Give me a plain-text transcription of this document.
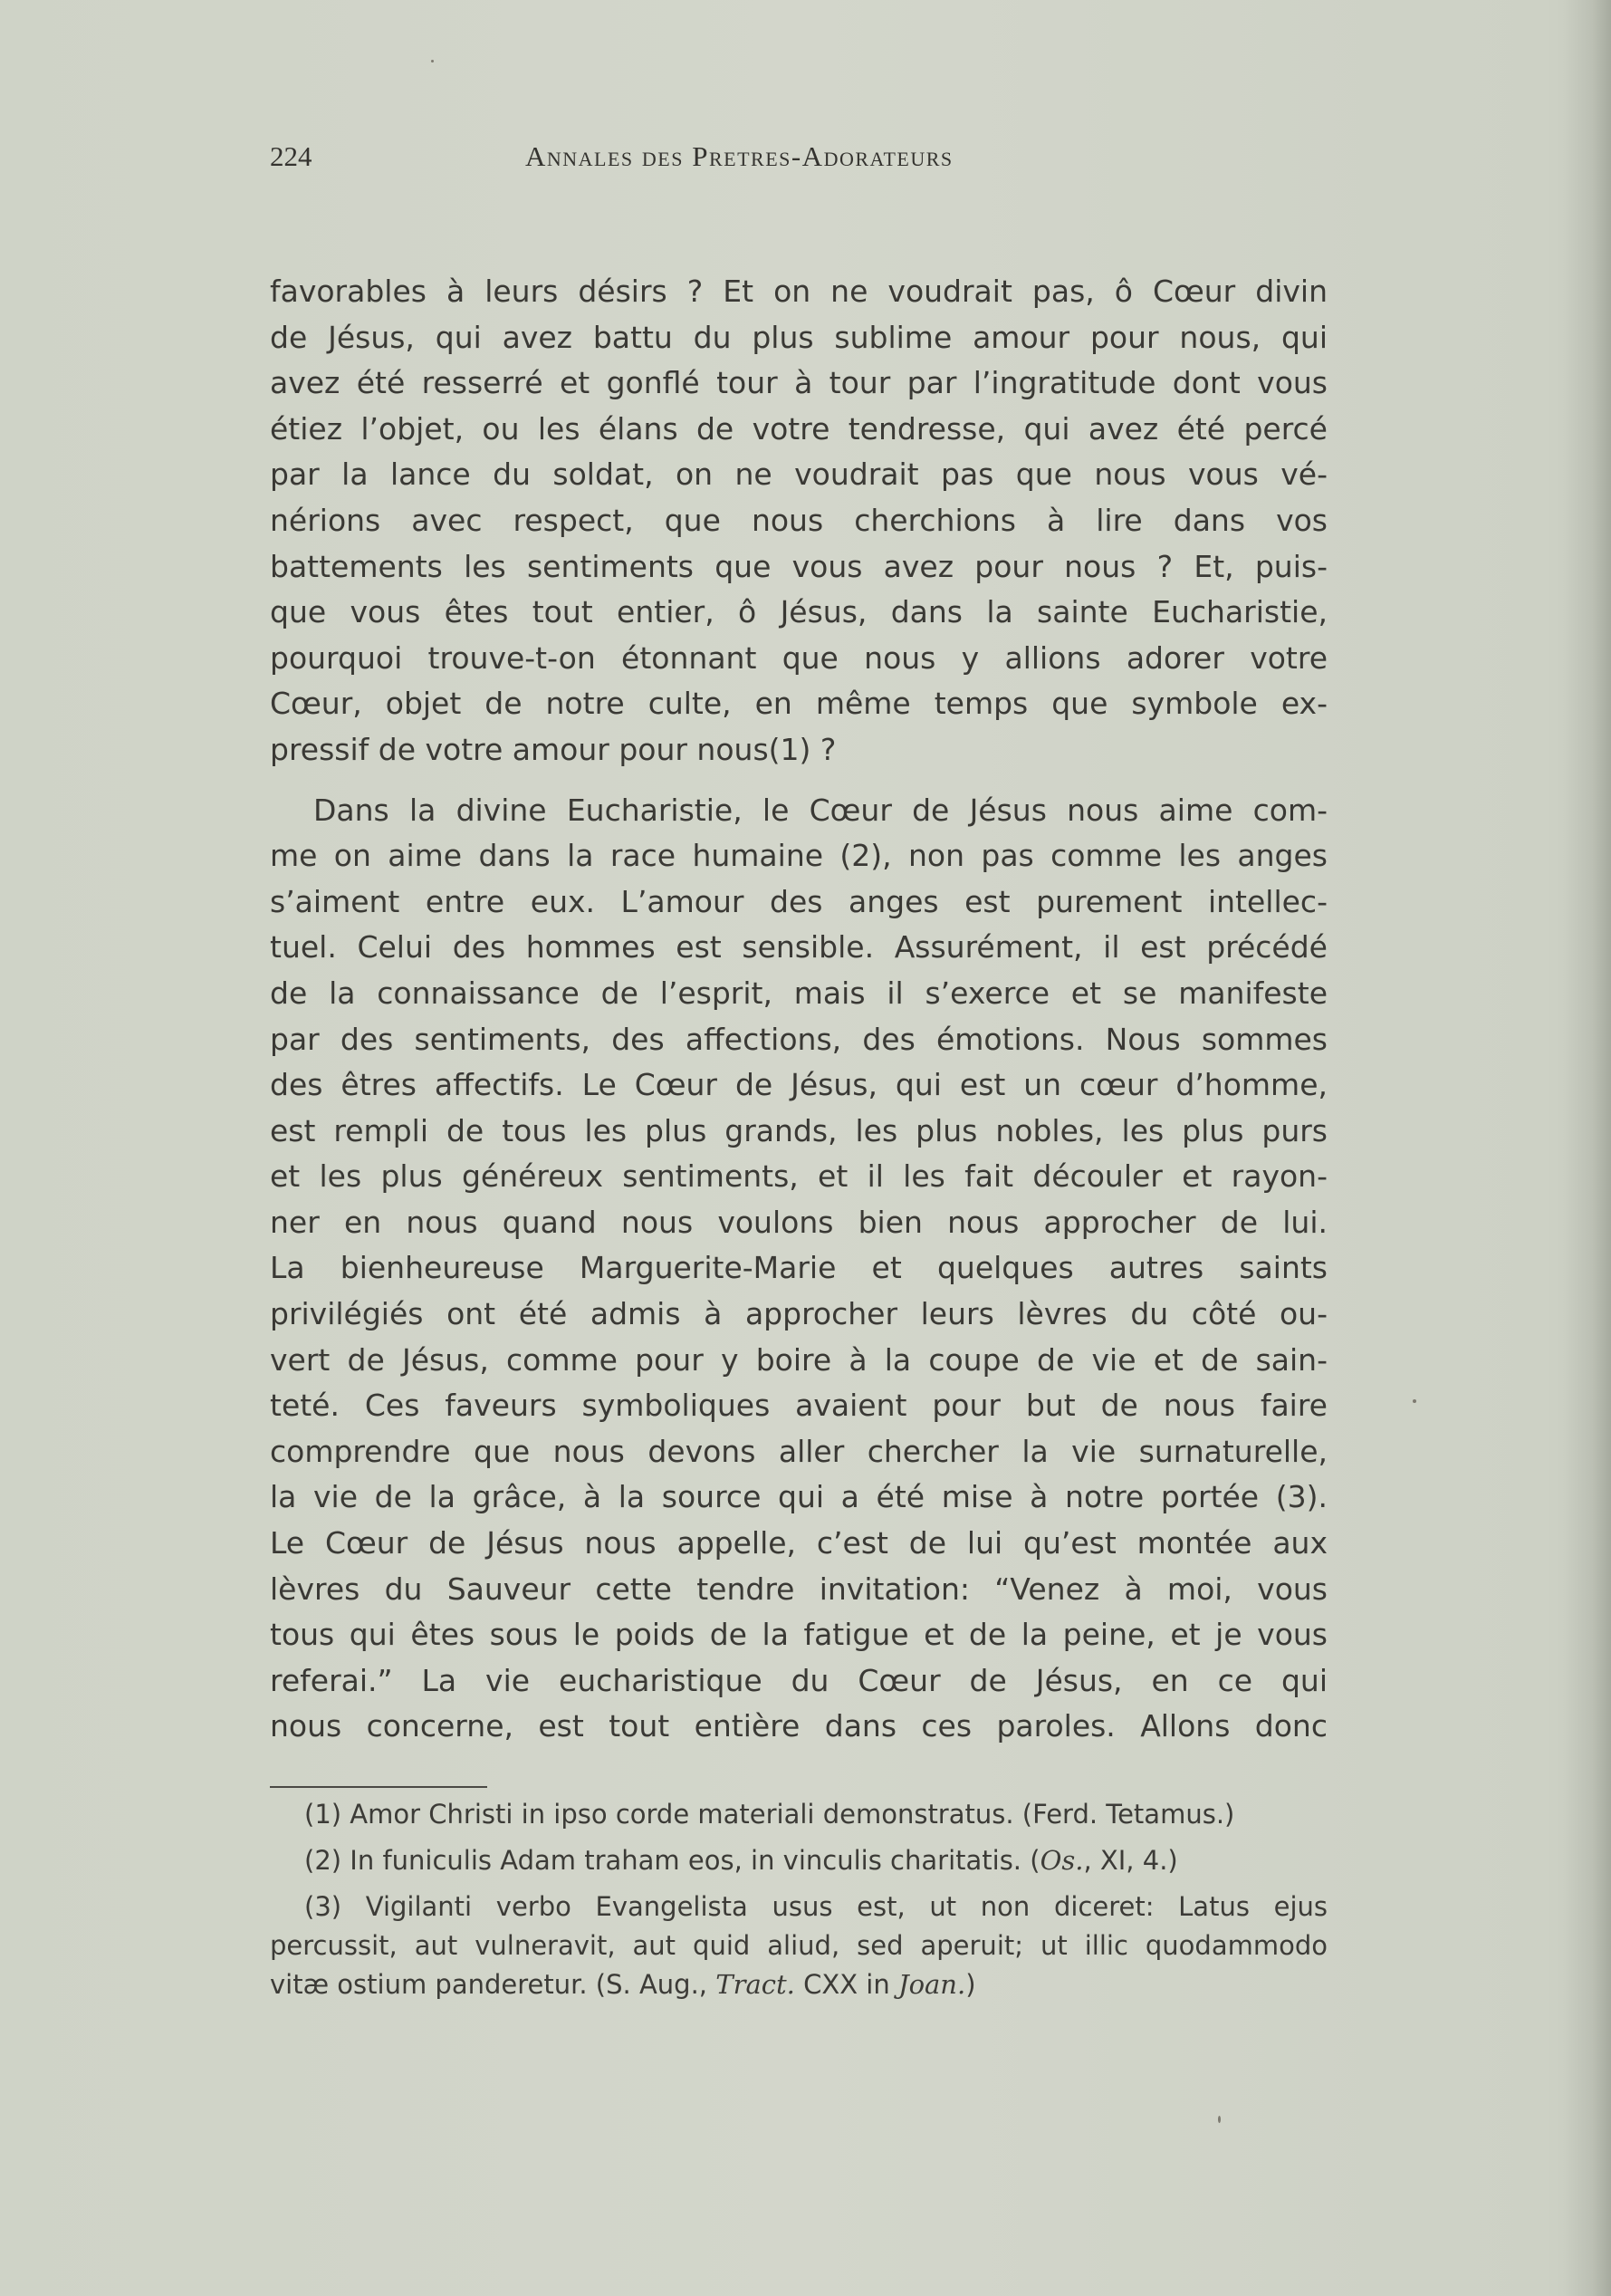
224	Annales des Pretres-Adorateurs
favorables à leurs désirs ? Et on ne voudrait pas, ô Cœur divin
de Jésus, qui avez battu du plus sublime amour pour nous, qui
avez été resserré et gonflé tour à tour par l’ingratitude dont vous
étiez l’objet, ou les élans de votre tendresse, qui avez été percé
par la lance du soldat, on ne voudrait pas que nous vous vé-
nérions avec respect, que nous cherchions à lire dans vos
battements les sentiments que vous avez pour nous ? Et, puis-
que vous êtes tout entier, ô Jésus, dans la sainte Eucharistie,
pourquoi trouve-t-on étonnant que nous y allions adorer votre
Cœur, objet de notre culte, en même temps que symbole ex-
pressif de votre amour pour nous(1) ?
Dans la divine Eucharistie, le Cœur de Jésus nous aime com-
me on aime dans la race humaine (2), non pas comme les anges
s’aiment entre eux. L’amour des anges est purement intellec-
tuel. Celui des hommes est sensible. Assurément, il est précédé
de la connaissance de l’esprit, mais il s’exerce et se manifeste
par des sentiments, des affections, des émotions. Nous sommes
des êtres affectifs. Le Cœur de Jésus, qui est un cœur d’homme,
est rempli de tous les plus grands, les plus nobles, les plus purs
et les plus généreux sentiments, et il les fait découler et rayon-
ner en nous quand nous voulons bien nous approcher de lui.
La bienheureuse Marguerite-Marie et quelques autres saints
privilégiés ont été admis à approcher leurs lèvres du côté ou-
vert de Jésus, comme pour y boire à la coupe de vie et de sain-
teté. Ces faveurs symboliques avaient pour but de nous faire
comprendre que nous devons aller chercher la vie surnaturelle,
la vie de la grâce, à la source qui a été mise à notre portée (3).
Le Cœur de Jésus nous appelle, c’est de lui qu’est montée aux
lèvres du Sauveur cette tendre invitation: “Venez à moi, vous
tous qui êtes sous le poids de la fatigue et de la peine, et je vous
referai.” La vie eucharistique du Cœur de Jésus, en ce qui
nous concerne, est tout entière dans ces paroles. Allons donc
(1) Amor Christi in ipso corde materiali demonstratus. (Ferd. Tetamus.)
(2) In funiculis Adam traham eos, in vinculis charitatis. (Os., XI, 4.)
(3) Vigilanti verbo Evangelista usus est, ut non diceret: Latus ejus
percussit, aut vulneravit, aut quid aliud, sed aperuit; ut illic quodammodo
vitæ ostium panderetur. (S. Aug., Tract. CXX in Joan.)
